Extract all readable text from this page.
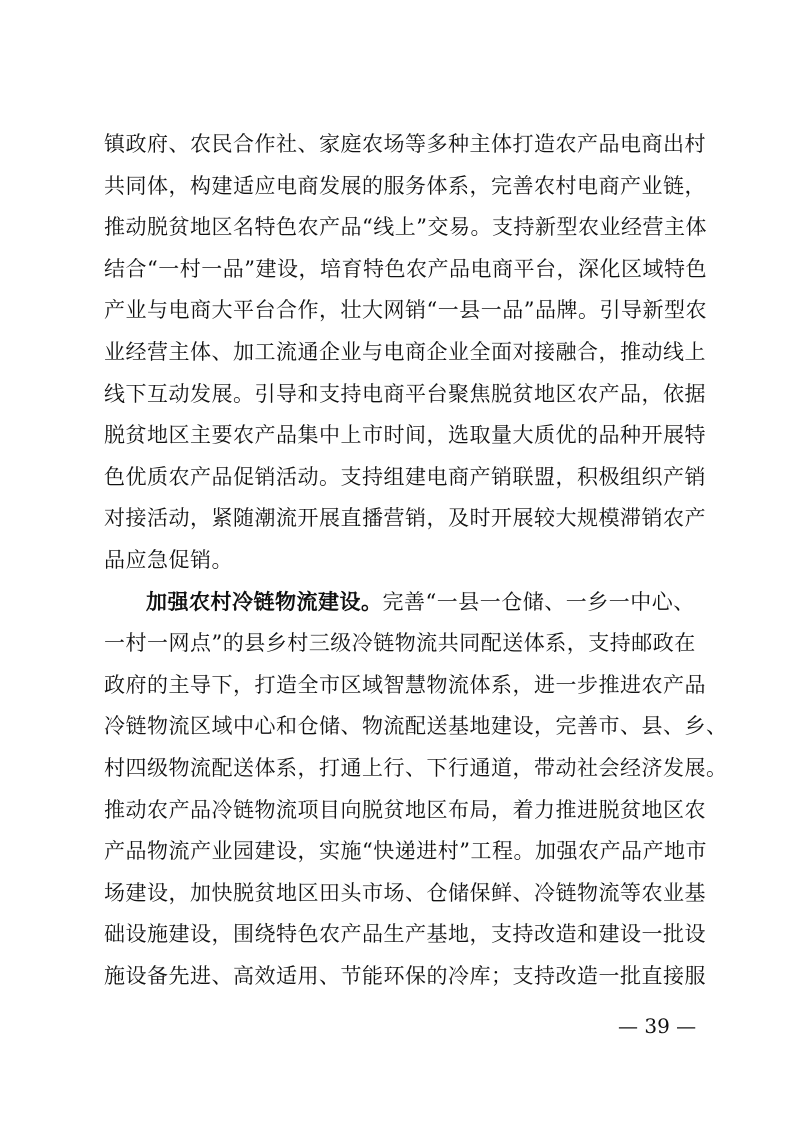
镇政府、农民合作社、家庭农场等多种主体打造农产品电商出村
共同体，构建适应电商发展的服务体系，完善农村电商产业链，
推动脱贫地区名特色农产品“线上”交易。支持新型农业经营主体
结合“一村一品”建设，培育特色农产品电商平台，深化区域特色
产业与电商大平台合作，壮大网销“一县一品”品牌。引导新型农
业经营主体、加工流通企业与电商企业全面对接融合，推动线上
线下互动发展。引导和支持电商平台聚焦脱贫地区农产品，依据
脱贫地区主要农产品集中上市时间，选取量大质优的品种开展特
色优质农产品促销活动。支持组建电商产销联盟，积极组织产销
对接活动，紧随潮流开展直播营销，及时开展较大规模滞销农产
品应急促销。
加强农村冷链物流建设。完善“一县一仓储、一乡一中心、
一村一网点”的县乡村三级冷链物流共同配送体系，支持邮政在
政府的主导下，打造全市区域智慧物流体系，进一步推进农产品
冷链物流区域中心和仓储、物流配送基地建设，完善市、县、乡、
村四级物流配送体系，打通上行、下行通道，带动社会经济发展。
推动农产品冷链物流项目向脱贫地区布局，着力推进脱贫地区农
产品物流产业园建设，实施“快递进村”工程。加强农产品产地市
场建设，加快脱贫地区田头市场、仓储保鲜、冷链物流等农业基
础设施建设，围绕特色农产品生产基地，支持改造和建设一批设
施设备先进、高效适用、节能环保的冷库；支持改造一批直接服
— 39 —
